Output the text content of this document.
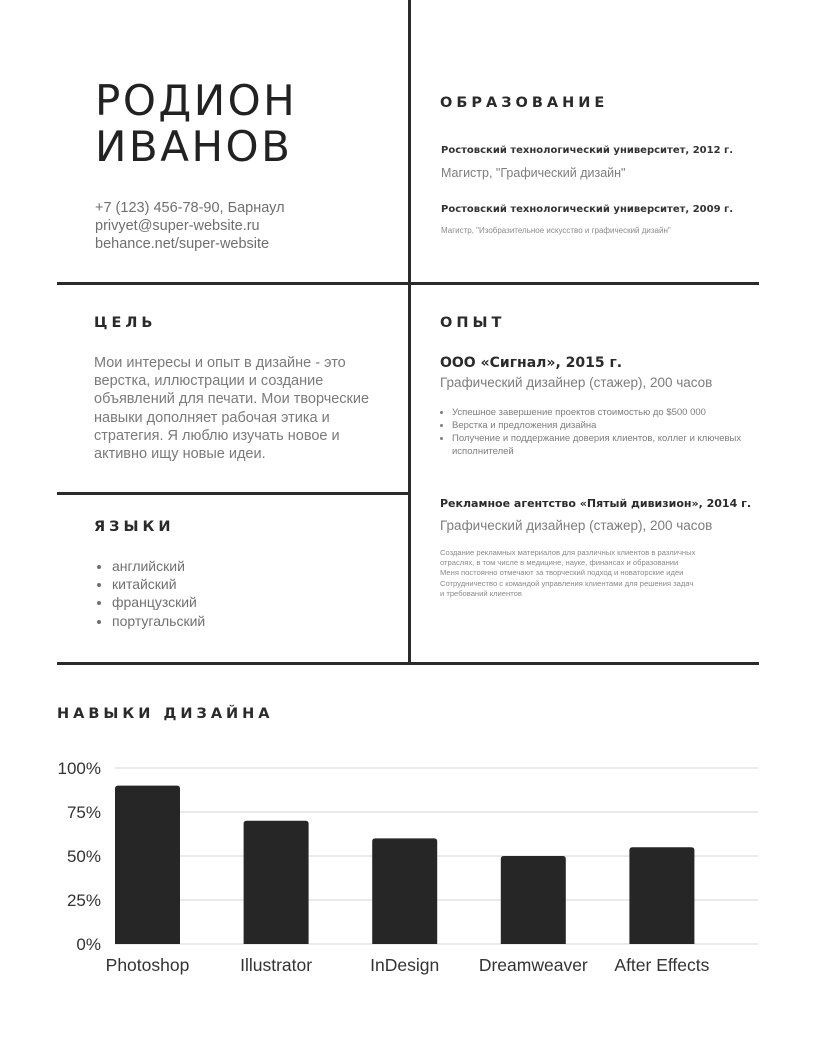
РОДИОН
ИВАНОВ
+7 (123) 456-78-90, Барнаул
privyet@super-website.ru
behance.net/super-website
ОБРАЗОВАНИЕ
Ростовский технологический университет, 2012 г.
Магистр, "Графический дизайн"
Ростовский технологический университет, 2009 г.
Магистр, "Изобразительное искусство и графический дизайн"
ЦЕЛЬ
Мои интересы и опыт в дизайне - это верстка, иллюстрации и создание объявлений для печати. Мои творческие навыки дополняет рабочая этика и стратегия. Я люблю изучать новое и активно ищу новые идеи.
ЯЗЫКИ
• английский
• китайский
• французский
• португальский
ОПЫТ
ООО «Сигнал», 2015 г.
Графический дизайнер (стажер), 200 часов
• Успешное завершение проектов стоимостью до $500 000
• Верстка и предложения дизайна
• Получение и поддержание доверия клиентов, коллег и ключевых исполнителей
Рекламное агентство «Пятый дивизион», 2014 г.
Графический дизайнер (стажер), 200 часов
Создание рекламных материалов для различных клиентов в различных
отраслях, в том числе в медицине, науке, финансах и образовании
Меня постоянно отмечают за творческий подход и новаторские идеи
Сотрудничество с командой управления клиентами для решения задач
и требований клиентов
НАВЫКИ ДИЗАЙНА
0%
25%
50%
75%
100%
Photoshop	Illustrator	InDesign Dreamweaver After Effects
